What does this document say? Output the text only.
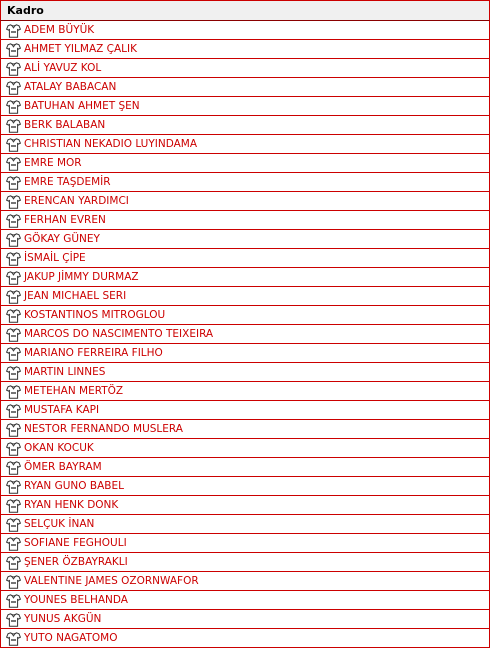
Kadro
ADEM BÜYÜK
AHMET YILMAZ ÇALIK
ALİ YAVUZ KOL
ATALAY BABACAN
BATUHAN AHMET ŞEN
BERK BALABAN
CHRISTIAN NEKADIO LUYINDAMA
EMRE MOR
EMRE TAŞDEMİR
ERENCAN YARDIMCI
FERHAN EVREN
GÖKAY GÜNEY
İSMAİL ÇİPE
JAKUP JİMMY DURMAZ
JEAN MICHAEL SERI
KOSTANTINOS MITROGLOU
MARCOS DO NASCIMENTO TEIXEIRA
MARIANO FERREIRA FILHO
MARTIN LINNES
METEHAN MERTÖZ
MUSTAFA KAPI
NESTOR FERNANDO MUSLERA
OKAN KOCUK
ÖMER BAYRAM
RYAN GUNO BABEL
RYAN HENK DONK
SELÇUK İNAN
SOFIANE FEGHOULI
ŞENER ÖZBAYRAKLI
VALENTINE JAMES OZORNWAFOR
YOUNES BELHANDA
YUNUS AKGÜN
YUTO NAGATOMO
